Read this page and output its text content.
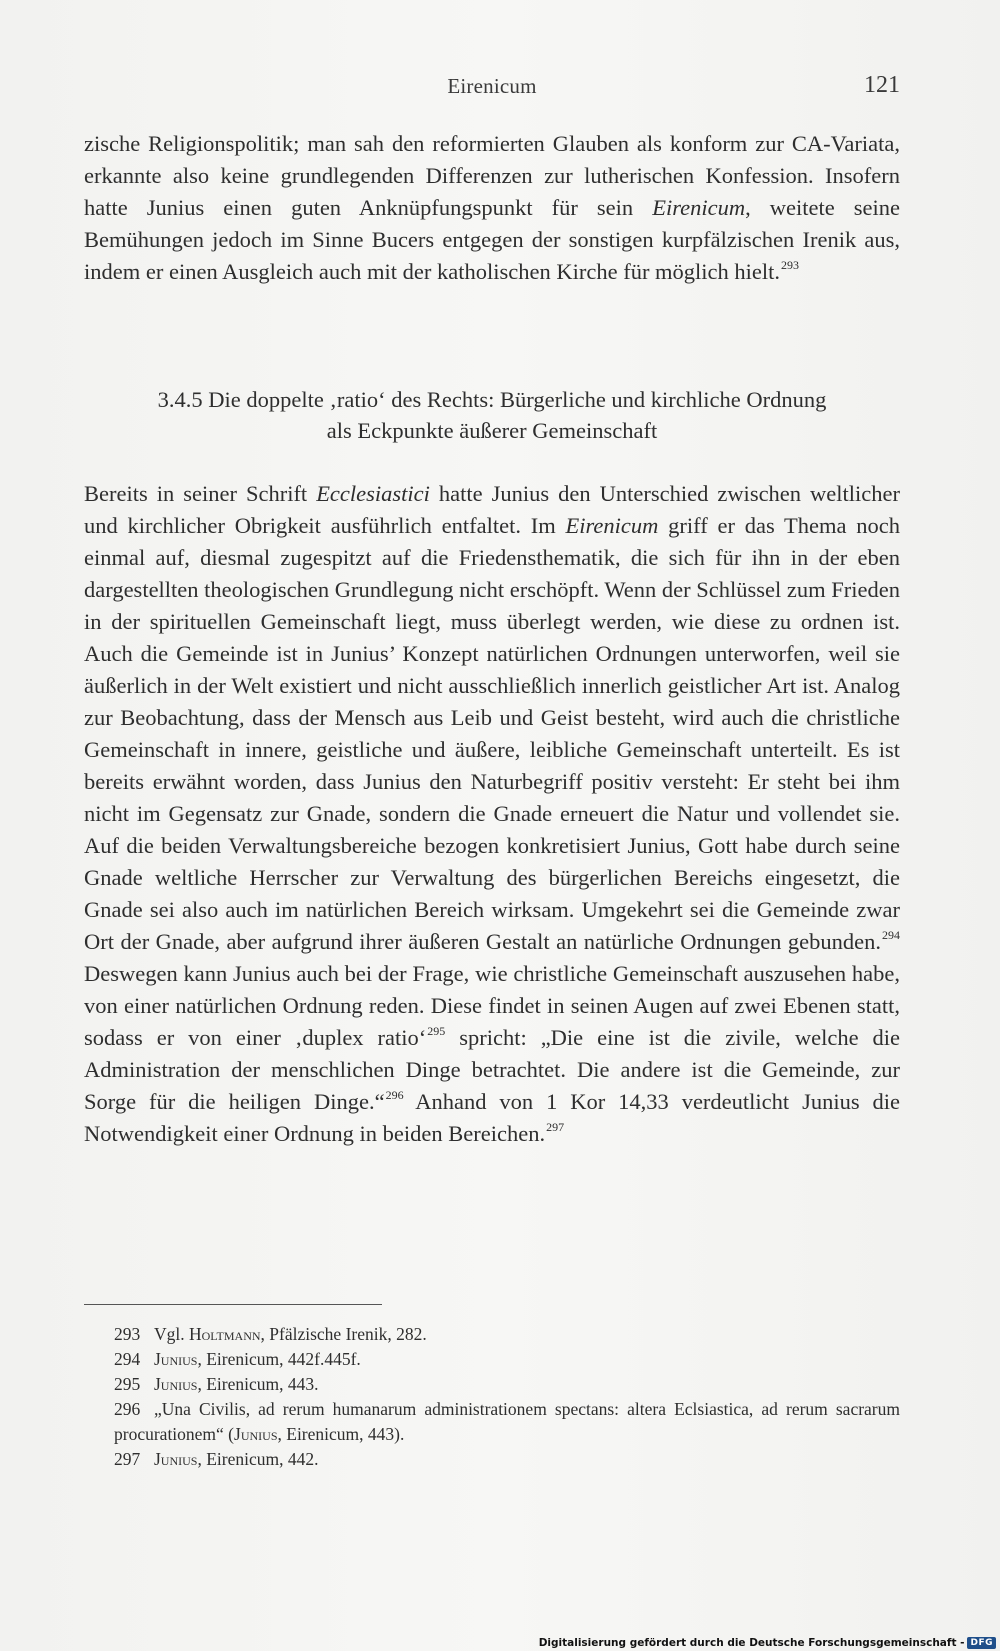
Eirenicum	121

zische Religionspolitik; man sah den reformierten Glauben als konform zur CA-Variata, erkannte also keine grundlegenden Differenzen zur lutherischen Konfession. Insofern hatte Junius einen guten Anknüpfungspunkt für sein Eirenicum, weitete seine Bemühungen jedoch im Sinne Bucers entgegen der sonstigen kurpfälzischen Irenik aus, indem er einen Ausgleich auch mit der katholischen Kirche für möglich hielt.$^{293}$

3.4.5 Die doppelte ‚ratio‘ des Rechts: Bürgerliche und kirchliche Ordnung
als Eckpunkte äußerer Gemeinschaft

Bereits in seiner Schrift Ecclesiastici hatte Junius den Unterschied zwischen weltlicher und kirchlicher Obrigkeit ausführlich entfaltet. Im Eirenicum griff er das Thema noch einmal auf, diesmal zugespitzt auf die Friedensthematik, die sich für ihn in der eben dargestellten theologischen Grundlegung nicht erschöpft. Wenn der Schlüssel zum Frieden in der spirituellen Gemeinschaft liegt, muss überlegt werden, wie diese zu ordnen ist. Auch die Gemeinde ist in Junius’ Konzept natürlichen Ordnungen unterworfen, weil sie äußerlich in der Welt existiert und nicht ausschließlich innerlich geistlicher Art ist. Analog zur Beobachtung, dass der Mensch aus Leib und Geist besteht, wird auch die christliche Gemeinschaft in innere, geistliche und äußere, leibliche Gemeinschaft unterteilt. Es ist bereits erwähnt worden, dass Junius den Naturbegriff positiv versteht: Er steht bei ihm nicht im Gegensatz zur Gnade, sondern die Gnade erneuert die Natur und vollendet sie. Auf die beiden Verwaltungsbereiche bezogen konkretisiert Junius, Gott habe durch seine Gnade weltliche Herrscher zur Verwaltung des bürgerlichen Bereichs eingesetzt, die Gnade sei also auch im natürlichen Bereich wirksam. Umgekehrt sei die Gemeinde zwar Ort der Gnade, aber aufgrund ihrer äußeren Gestalt an natürliche Ordnungen gebunden.$^{294}$ Deswegen kann Junius auch bei der Frage, wie christliche Gemeinschaft auszusehen habe, von einer natürlichen Ordnung reden. Diese findet in seinen Augen auf zwei Ebenen statt, sodass er von einer ‚duplex ratio‘$^{295}$ spricht: „Die eine ist die zivile, welche die Administration der menschlichen Dinge betrachtet. Die andere ist die Gemeinde, zur Sorge für die heiligen Dinge.“$^{296}$ Anhand von 1 Kor 14,33 verdeutlicht Junius die Notwendigkeit einer Ordnung in beiden Bereichen.$^{297}$

293 Vgl. Holtmann, Pfälzische Irenik, 282.
294 Junius, Eirenicum, 442f.445f.
295 Junius, Eirenicum, 443.
296 „Una Civilis, ad rerum humanarum administrationem spectans: altera Eclsiastica, ad rerum sacrarum procurationem“ (Junius, Eirenicum, 443).
297 Junius, Eirenicum, 442.
Digitalisierung gefördert durch die Deutsche Forschungsgemeinschaft - DFG
